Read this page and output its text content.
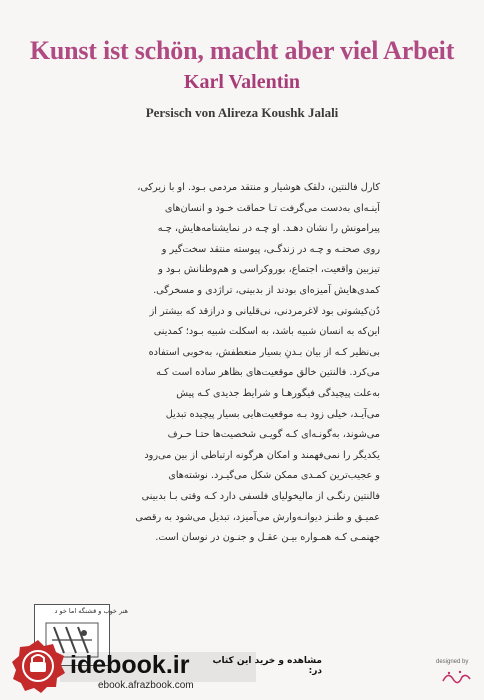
Kunst ist schön, macht aber viel Arbeit
Karl Valentin
Persisch von Alireza Koushk Jalali
کارل فالنتین، دلقک هوشیار و منتقد مردمی بـود. او با زیرکی،
آینـه‌ای به‌دست می‌گرفت تـا حماقت خـود و انسان‌های
پیرامونش را نشان دهـد. او چـه در نمایشنامه‌هایش، چـه
روی صحنـه و چـه در زندگـی، پیوسته منتقد سخت‌گیر و
تیزبین واقعیت، اجتماع، بوروکراسی و هم‌وطنانش بـود و
کمدی‌هایش آمیزه‌ای بودند از بدبینی، تراژدی و مسخرگی.
دُن‌کیشوتی بود لاغرمردنی، نی‌قلیانی و درازقد که بیشتر از
این‌که به انسان شبیه باشد، به اسکلت شبیه بـود؛ کمدینی
بی‌نظیر کـه از بیان بـدنِ بسیار منعطفش، به‌خوبی استفاده
می‌کرد. فالنتین خالق موقعیت‌های بظاهر ساده است کـه
به‌علت پیچیدگی فیگورهـا و شرایط جدیدی کـه پیش
می‌آیـد، خیلی زود بـه موقعیت‌هایی بسیار پیچیده تبدیل
می‌شوند، به‌گونـه‌ای کـه گویـی شخصیت‌ها حتـا حـرف
یکدیگر را نمی‌فهمند و امکان هرگونه ارتباطی از بین می‌رود
و عجیب‌ترین کمـدی ممکن شکل می‌گیـرد. نوشته‌های
فالنتین رنگـی از مالیخولیای فلسفی دارد کـه وقتی بـا بدبینی
عمیـق و طنـز دیوانـه‌وارش می‌آمیزد، تبدیل می‌شود به رقصی
جهنمـی کـه همـواره بیـن عقـل و جنـون در نوسان است.
هنر خوب و قشنگه اما خو د
idebook.ir
ebook.afrazbook.com
مشاهده و خرید این کتاب در:
designed by
